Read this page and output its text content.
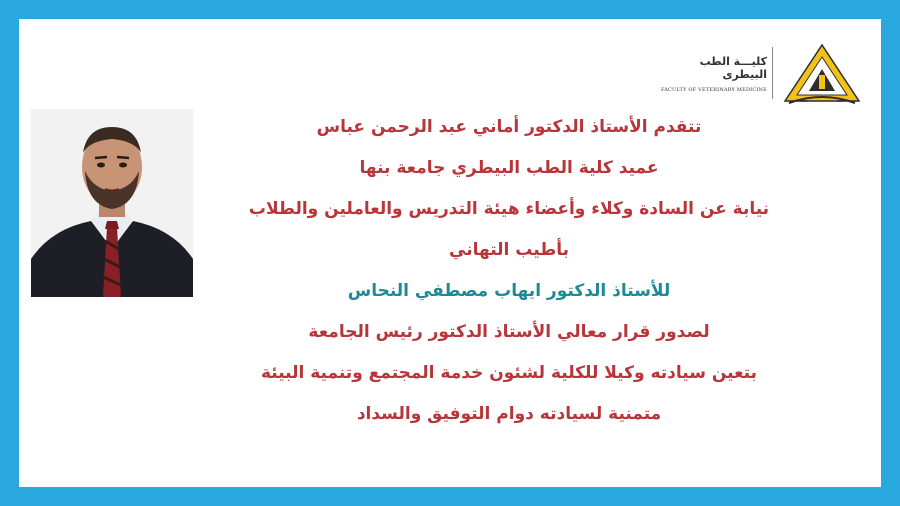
كليـــة الطب البيطرى
FACULTY OF VETERINARY MEDICINE
تتقدم الأستاذ الدكتور أماني عبد الرحمن عباس
عميد كلية الطب البيطري جامعة بنها
نيابة عن السادة وكلاء وأعضاء هيئة التدريس والعاملين والطلاب
بأطيب التهاني
للأستاذ الدكتور ايهاب مصطفي النحاس
لصدور قرار معالي الأستاذ الدكتور رئيس الجامعة
بتعين سيادته وكيلا للكلية لشئون خدمة المجتمع وتنمية البيئة
متمنية لسيادته دوام التوفيق والسداد
